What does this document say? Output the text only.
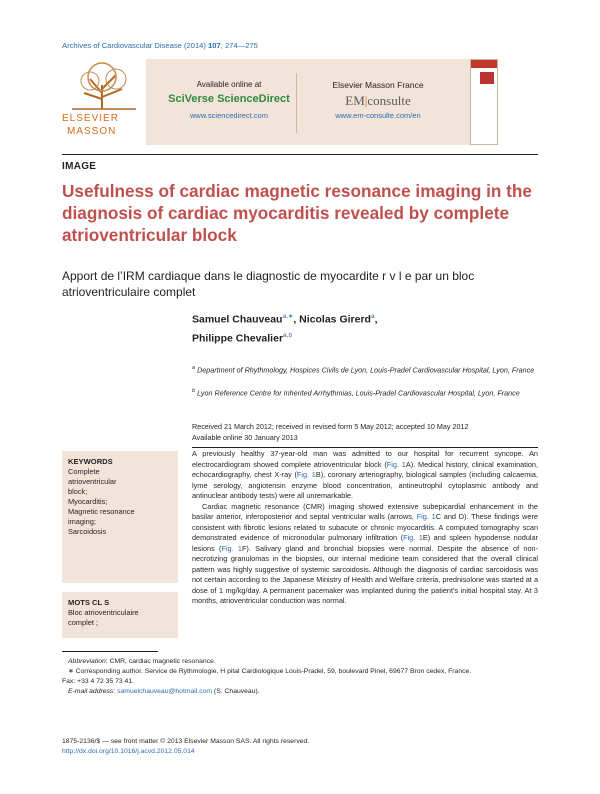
Archives of Cardiovascular Disease (2014) 107, 274—275
ELSEVIER
MASSON
Available online at
SciVerse ScienceDirect
www.sciencedirect.com
Elsevier Masson France
EM|consulte
www.em-consulte.com/en
IMAGE
Usefulness of cardiac magnetic resonance imaging in the diagnosis of cardiac myocarditis revealed by complete atrioventricular block
Apport de l’IRM cardiaque dans le diagnostic de myocardite r v l e par un bloc atrioventriculaire complet
Samuel Chauveau$^{a,∗}$, Nicolas Girerd$^a$,
Philippe Chevalier$^{a,b}$
$^a$ Department of Rhythmology, Hospices Civils de Lyon, Louis-Pradel Cardiovascular Hospital, Lyon, France
$^b$ Lyon Reference Centre for Inherited Arrhythmias, Louis-Pradel Cardiovascular Hospital, Lyon, France
Received 21 March 2012; received in revised form 5 May 2012; accepted 10 May 2012
Available online 30 January 2013
KEYWORDS
Complete
atrioventricular
block;
Myocarditis;
Magnetic resonance
imaging;
Sarcoidosis
MOTS CL S
Bloc atrioventriculaire
complet ;

A previously healthy 37-year-old man was admitted to our hospital for recurrent syncope. An electrocardiogram showed complete atrioventricular block (Fig. 1A). Medical history, clinical examination, echocardiography, chest X-ray (Fig. 1B), coronary arteriography, biological samples (including calcaemia, lyme serology, angiotensin enzyme blood concentration, antineutrophil cytoplasmic antibody and antinuclear antibody tests) were all unremarkable.

Cardiac magnetic resonance (CMR) imaging showed extensive subepicardial enhancement in the basilar anterior, inferoposterior and septal ventricular walls (arrows, Fig. 1C and D). These findings were consistent with fibrotic lesions related to subacute or chronic myocarditis. A computed tomography scan demonstrated evidence of micronodular pulmonary infiltration (Fig. 1E) and spleen hypodense nodular lesions (Fig. 1F). Salivary gland and bronchial biopsies were normal. Despite the absence of non-necrotizing granulomas in the biopsies, our internal medicine team considered that the overall clinical pattern was highly suggestive of systemic sarcoidosis. Although the diagnosis of cardiac sarcoidosis was not certain according to the Japanese Ministry of Health and Welfare criteria, prednisolone was started at a dose of 1 mg/kg/day. A permanent pacemaker was implanted during the patient’s initial hospital stay. At 3 months, atrioventricular conduction was normal.

Abbreviation: CMR, cardiac magnetic resonance.
∗ Corresponding author. Service de Rythmologie, H pital Cardiologique Louis-Pradel, 59, boulevard Pinel, 69677 Bron cedex, France.
Fax: +33 4 72 35 73 41.
E-mail address: samuelchauveau@hotmail.com (S. Chauveau).
1875-2136/$ — see front matter © 2013 Elsevier Masson SAS. All rights reserved.
http://dx.doi.org/10.1016/j.acvd.2012.05.014
